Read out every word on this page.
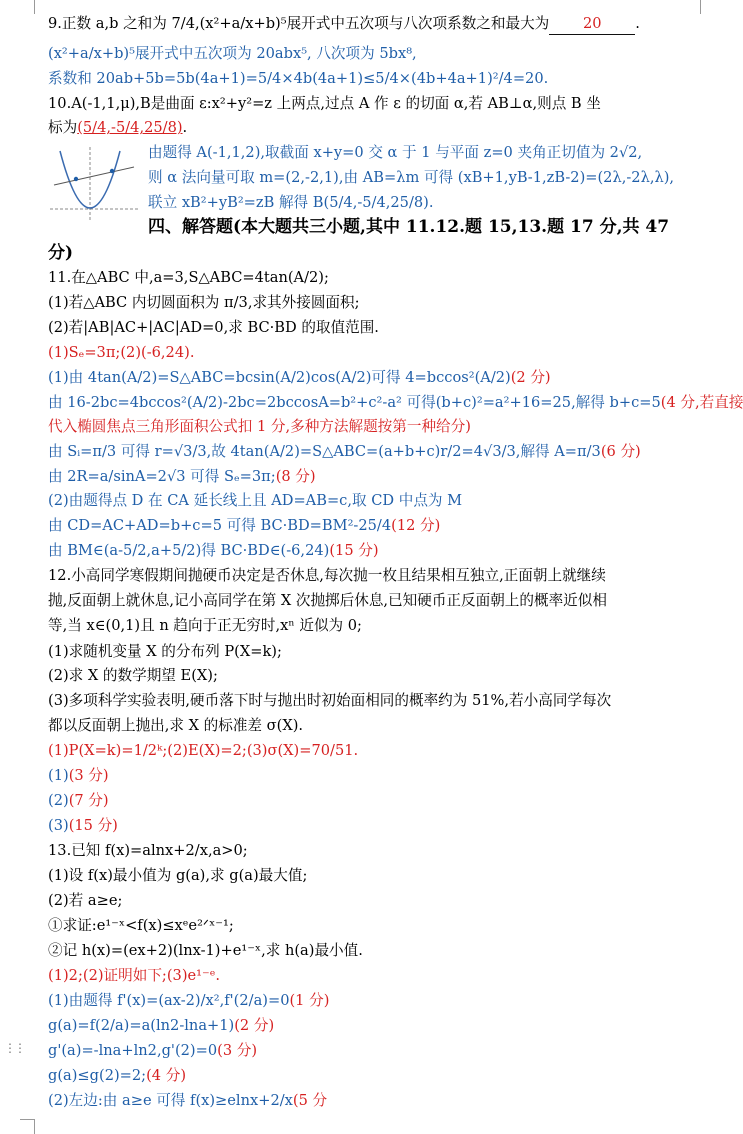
9.正数 a,b 之和为 7/4,(x²+a/x+b)⁵展开式中五次项与八次项系数之和最大为 20 .
(x²+a/x+b)⁵展开式中五次项为 20abx⁵, 八次项为 5bx⁸,
系数和 20ab+5b=5b(4a+1)=5/4×4b(4a+1)≤5/4×(4b+4a+1)²/4=20.
10.A(-1,1,μ),B是曲面 ε:x²+y²=z 上两点,过点 A 作 ε 的切面 α,若 AB⊥α,则点 B 坐
标为(5/4,-5/4,25/8).
由题得 A(-1,1,2),取截面 x+y=0 交 α 于 1 与平面 z=0 夹角正切值为 2√2,
则 α 法向量可取 m=(2,-2,1),由 AB=λm 可得 (xB+1,yB-1,zB-2)=(2λ,-2λ,λ),
联立 xB²+yB²=zB 解得 B(5/4,-5/4,25/8).
四、解答题(本大题共三小题,其中 11.12.题 15,13.题 17 分,共 47
分)
11.在△ABC 中,a=3,S△ABC=4tan(A/2);
(1)若△ABC 内切圆面积为 π/3,求其外接圆面积;
(2)若|AB|AC+|AC|AD=0,求 BC·BD 的取值范围.
(1)Sₑ=3π;(2)(-6,24).
(1)由 4tan(A/2)=S△ABC=bcsin(A/2)cos(A/2)可得 4=bccos²(A/2)(2 分)
由 16-2bc=4bccos²(A/2)-2bc=2bccosA=b²+c²-a² 可得(b+c)²=a²+16=25,解得 b+c=5(4 分,若直接
代入椭圆焦点三角形面积公式扣 1 分,多种方法解题按第一种给分)
由 Sᵢ=π/3 可得 r=√3/3,故 4tan(A/2)=S△ABC=(a+b+c)r/2=4√3/3,解得 A=π/3(6 分)
由 2R=a/sinA=2√3 可得 Sₑ=3π;(8 分)
(2)由题得点 D 在 CA 延长线上且 AD=AB=c,取 CD 中点为 M
由 CD=AC+AD=b+c=5 可得 BC·BD=BM²-25/4(12 分)
由 BM∈(a-5/2,a+5/2)得 BC·BD∈(-6,24)(15 分)
12.小高同学寒假期间抛硬币决定是否休息,每次抛一枚且结果相互独立,正面朝上就继续
抛,反面朝上就休息,记小高同学在第 X 次抛掷后休息,已知硬币正反面朝上的概率近似相
等,当 x∈(0,1)且 n 趋向于正无穷时,xⁿ 近似为 0;
(1)求随机变量 X 的分布列 P(X=k);
(2)求 X 的数学期望 E(X);
(3)多项科学实验表明,硬币落下时与抛出时初始面相同的概率约为 51%,若小高同学每次
都以反面朝上抛出,求 X 的标准差 σ(X).
(1)P(X=k)=1/2ᵏ;(2)E(X)=2;(3)σ(X)=70/51.
(1)(3 分)
(2)(7 分)
(3)(15 分)
13.已知 f(x)=alnx+2/x,a>0;
(1)设 f(x)最小值为 g(a),求 g(a)最大值;
(2)若 a≥e;
①求证:e¹⁻ˣ<f(x)≤xᵉe²ᐟˣ⁻¹;
②记 h(x)=(ex+2)(lnx-1)+e¹⁻ˣ,求 h(a)最小值.
(1)2;(2)证明如下;(3)e¹⁻ᵉ.
(1)由题得 f'(x)=(ax-2)/x²,f'(2/a)=0(1 分)
g(a)=f(2/a)=a(ln2-lna+1)(2 分)
g'(a)=-lna+ln2,g'(2)=0(3 分)
g(a)≤g(2)=2;(4 分)
(2)左边:由 a≥e 可得 f(x)≥elnx+2/x(5 分
⋮⋮
